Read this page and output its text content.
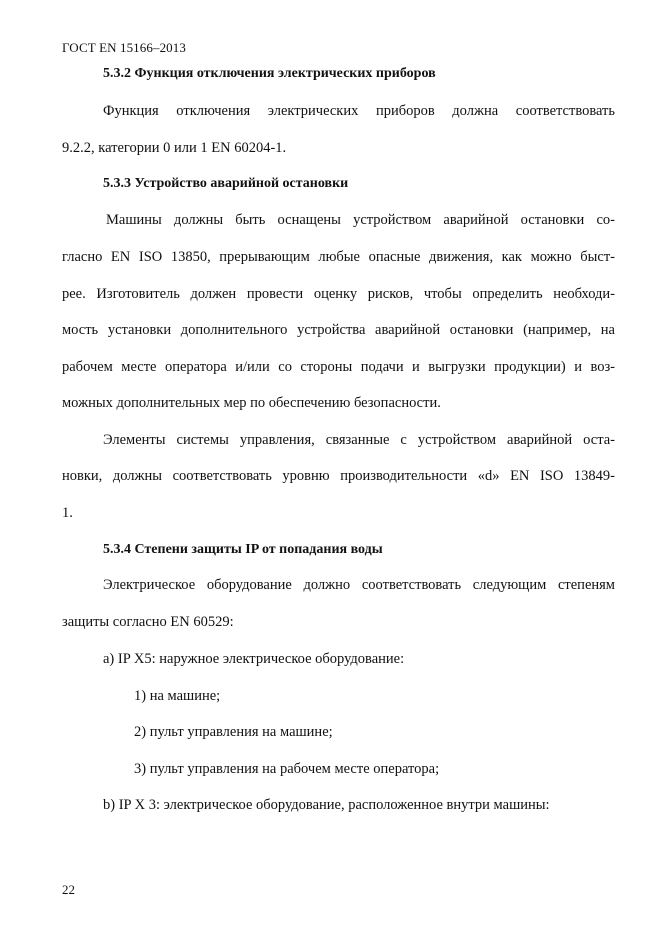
ГОСТ EN 15166–2013
5.3.2 Функция отключения электрических приборов
Функция отключения электрических приборов должна соответствовать
9.2.2, категории 0 или 1 EN 60204-1.
5.3.3 Устройство аварийной остановки
Машины должны быть оснащены устройством аварийной остановки со-
гласно EN ISO 13850, прерывающим любые опасные движения, как можно быст-
рее. Изготовитель должен провести оценку рисков, чтобы определить необходи-
мость установки дополнительного устройства аварийной остановки (например, на
рабочем месте оператора и/или со стороны подачи и выгрузки продукции) и воз-
можных дополнительных мер по обеспечению безопасности.
Элементы системы управления, связанные с устройством аварийной оста-
новки, должны соответствовать уровню производительности «d» EN ISO 13849-
1.
5.3.4 Степени защиты IP от попадания воды
Электрическое оборудование должно соответствовать следующим степеням
защиты согласно EN 60529:
а) IP X5: наружное электрическое оборудование:
1) на машине;
2) пульт управления на машине;
3) пульт управления на рабочем месте оператора;
b) IP X 3: электрическое оборудование, расположенное внутри машины:
22
